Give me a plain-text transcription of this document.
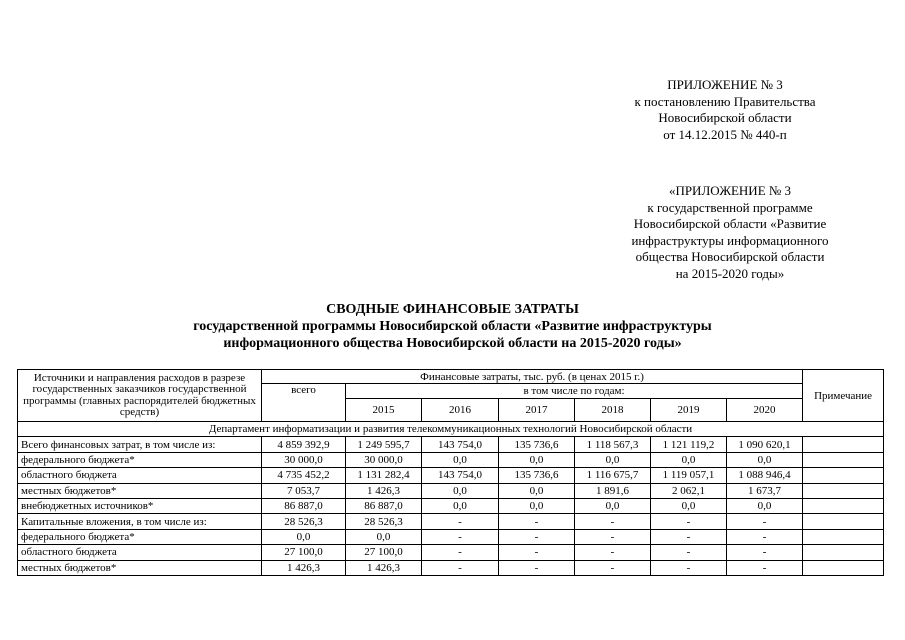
ПРИЛОЖЕНИЕ № 3
к постановлению Правительства
Новосибирской области
от 14.12.2015 № 440-п
«ПРИЛОЖЕНИЕ № 3
к государственной программе
Новосибирской области «Развитие
инфраструктуры информационного
общества Новосибирской области
на 2015-2020 годы»
СВОДНЫЕ ФИНАНСОВЫЕ ЗАТРАТЫ
государственной программы Новосибирской области «Развитие инфраструктуры
информационного общества Новосибирской области на 2015-2020 годы»
Источники и направления расходов в разрезе государственных заказчиков государственной программы (главных распорядителей бюджетных средств)	Финансовые затраты, тыс. руб. (в ценах 2015 г.)							Примечание
	всего	в том числе по годам:						
		2015	2016	2017	2018	2019	2020	
Департамент информатизации и развития телекоммуникационных технологий Новосибирской области								
Всего финансовых затрат, в том числе из:	4 859 392,9	1 249 595,7	143 754,0	135 736,6	1 118 567,3	1 121 119,2	1 090 620,1	
федерального бюджета*	30 000,0	30 000,0	0,0	0,0	0,0	0,0	0,0	
областного бюджета	4 735 452,2	1 131 282,4	143 754,0	135 736,6	1 116 675,7	1 119 057,1	1 088 946,4	
местных бюджетов*	7 053,7	1 426,3	0,0	0,0	1 891,6	2 062,1	1 673,7	
внебюджетных источников*	86 887,0	86 887,0	0,0	0,0	0,0	0,0	0,0	
Капитальные вложения, в том числе из:	28 526,3	28 526,3	-	-	-	-	-	
федерального бюджета*	0,0	0,0	-	-	-	-	-	
областного бюджета	27 100,0	27 100,0	-	-	-	-	-	
местных бюджетов*	1 426,3	1 426,3	-	-	-	-	-	
